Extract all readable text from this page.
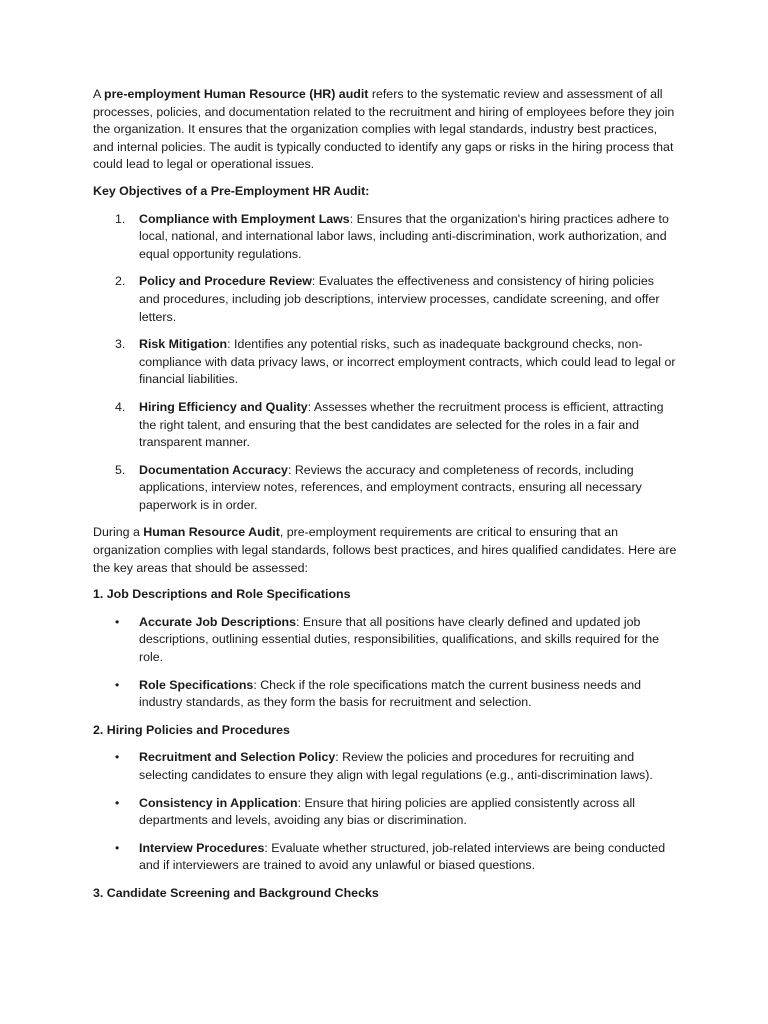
A pre-employment Human Resource (HR) audit refers to the systematic review and assessment of all processes, policies, and documentation related to the recruitment and hiring of employees before they join the organization. It ensures that the organization complies with legal standards, industry best practices, and internal policies. The audit is typically conducted to identify any gaps or risks in the hiring process that could lead to legal or operational issues.

Key Objectives of a Pre-Employment HR Audit:

1. Compliance with Employment Laws: Ensures that the organization's hiring practices adhere to local, national, and international labor laws, including anti-discrimination, work authorization, and equal opportunity regulations.
2. Policy and Procedure Review: Evaluates the effectiveness and consistency of hiring policies and procedures, including job descriptions, interview processes, candidate screening, and offer letters.
3. Risk Mitigation: Identifies any potential risks, such as inadequate background checks, non-compliance with data privacy laws, or incorrect employment contracts, which could lead to legal or financial liabilities.
4. Hiring Efficiency and Quality: Assesses whether the recruitment process is efficient, attracting the right talent, and ensuring that the best candidates are selected for the roles in a fair and transparent manner.
5. Documentation Accuracy: Reviews the accuracy and completeness of records, including applications, interview notes, references, and employment contracts, ensuring all necessary paperwork is in order.

During a Human Resource Audit, pre-employment requirements are critical to ensuring that an organization complies with legal standards, follows best practices, and hires qualified candidates. Here are the key areas that should be assessed:

1. Job Descriptions and Role Specifications

• Accurate Job Descriptions: Ensure that all positions have clearly defined and updated job descriptions, outlining essential duties, responsibilities, qualifications, and skills required for the role.
• Role Specifications: Check if the role specifications match the current business needs and industry standards, as they form the basis for recruitment and selection.

2. Hiring Policies and Procedures

• Recruitment and Selection Policy: Review the policies and procedures for recruiting and selecting candidates to ensure they align with legal regulations (e.g., anti-discrimination laws).
• Consistency in Application: Ensure that hiring policies are applied consistently across all departments and levels, avoiding any bias or discrimination.
• Interview Procedures: Evaluate whether structured, job-related interviews are being conducted and if interviewers are trained to avoid any unlawful or biased questions.

3. Candidate Screening and Background Checks
